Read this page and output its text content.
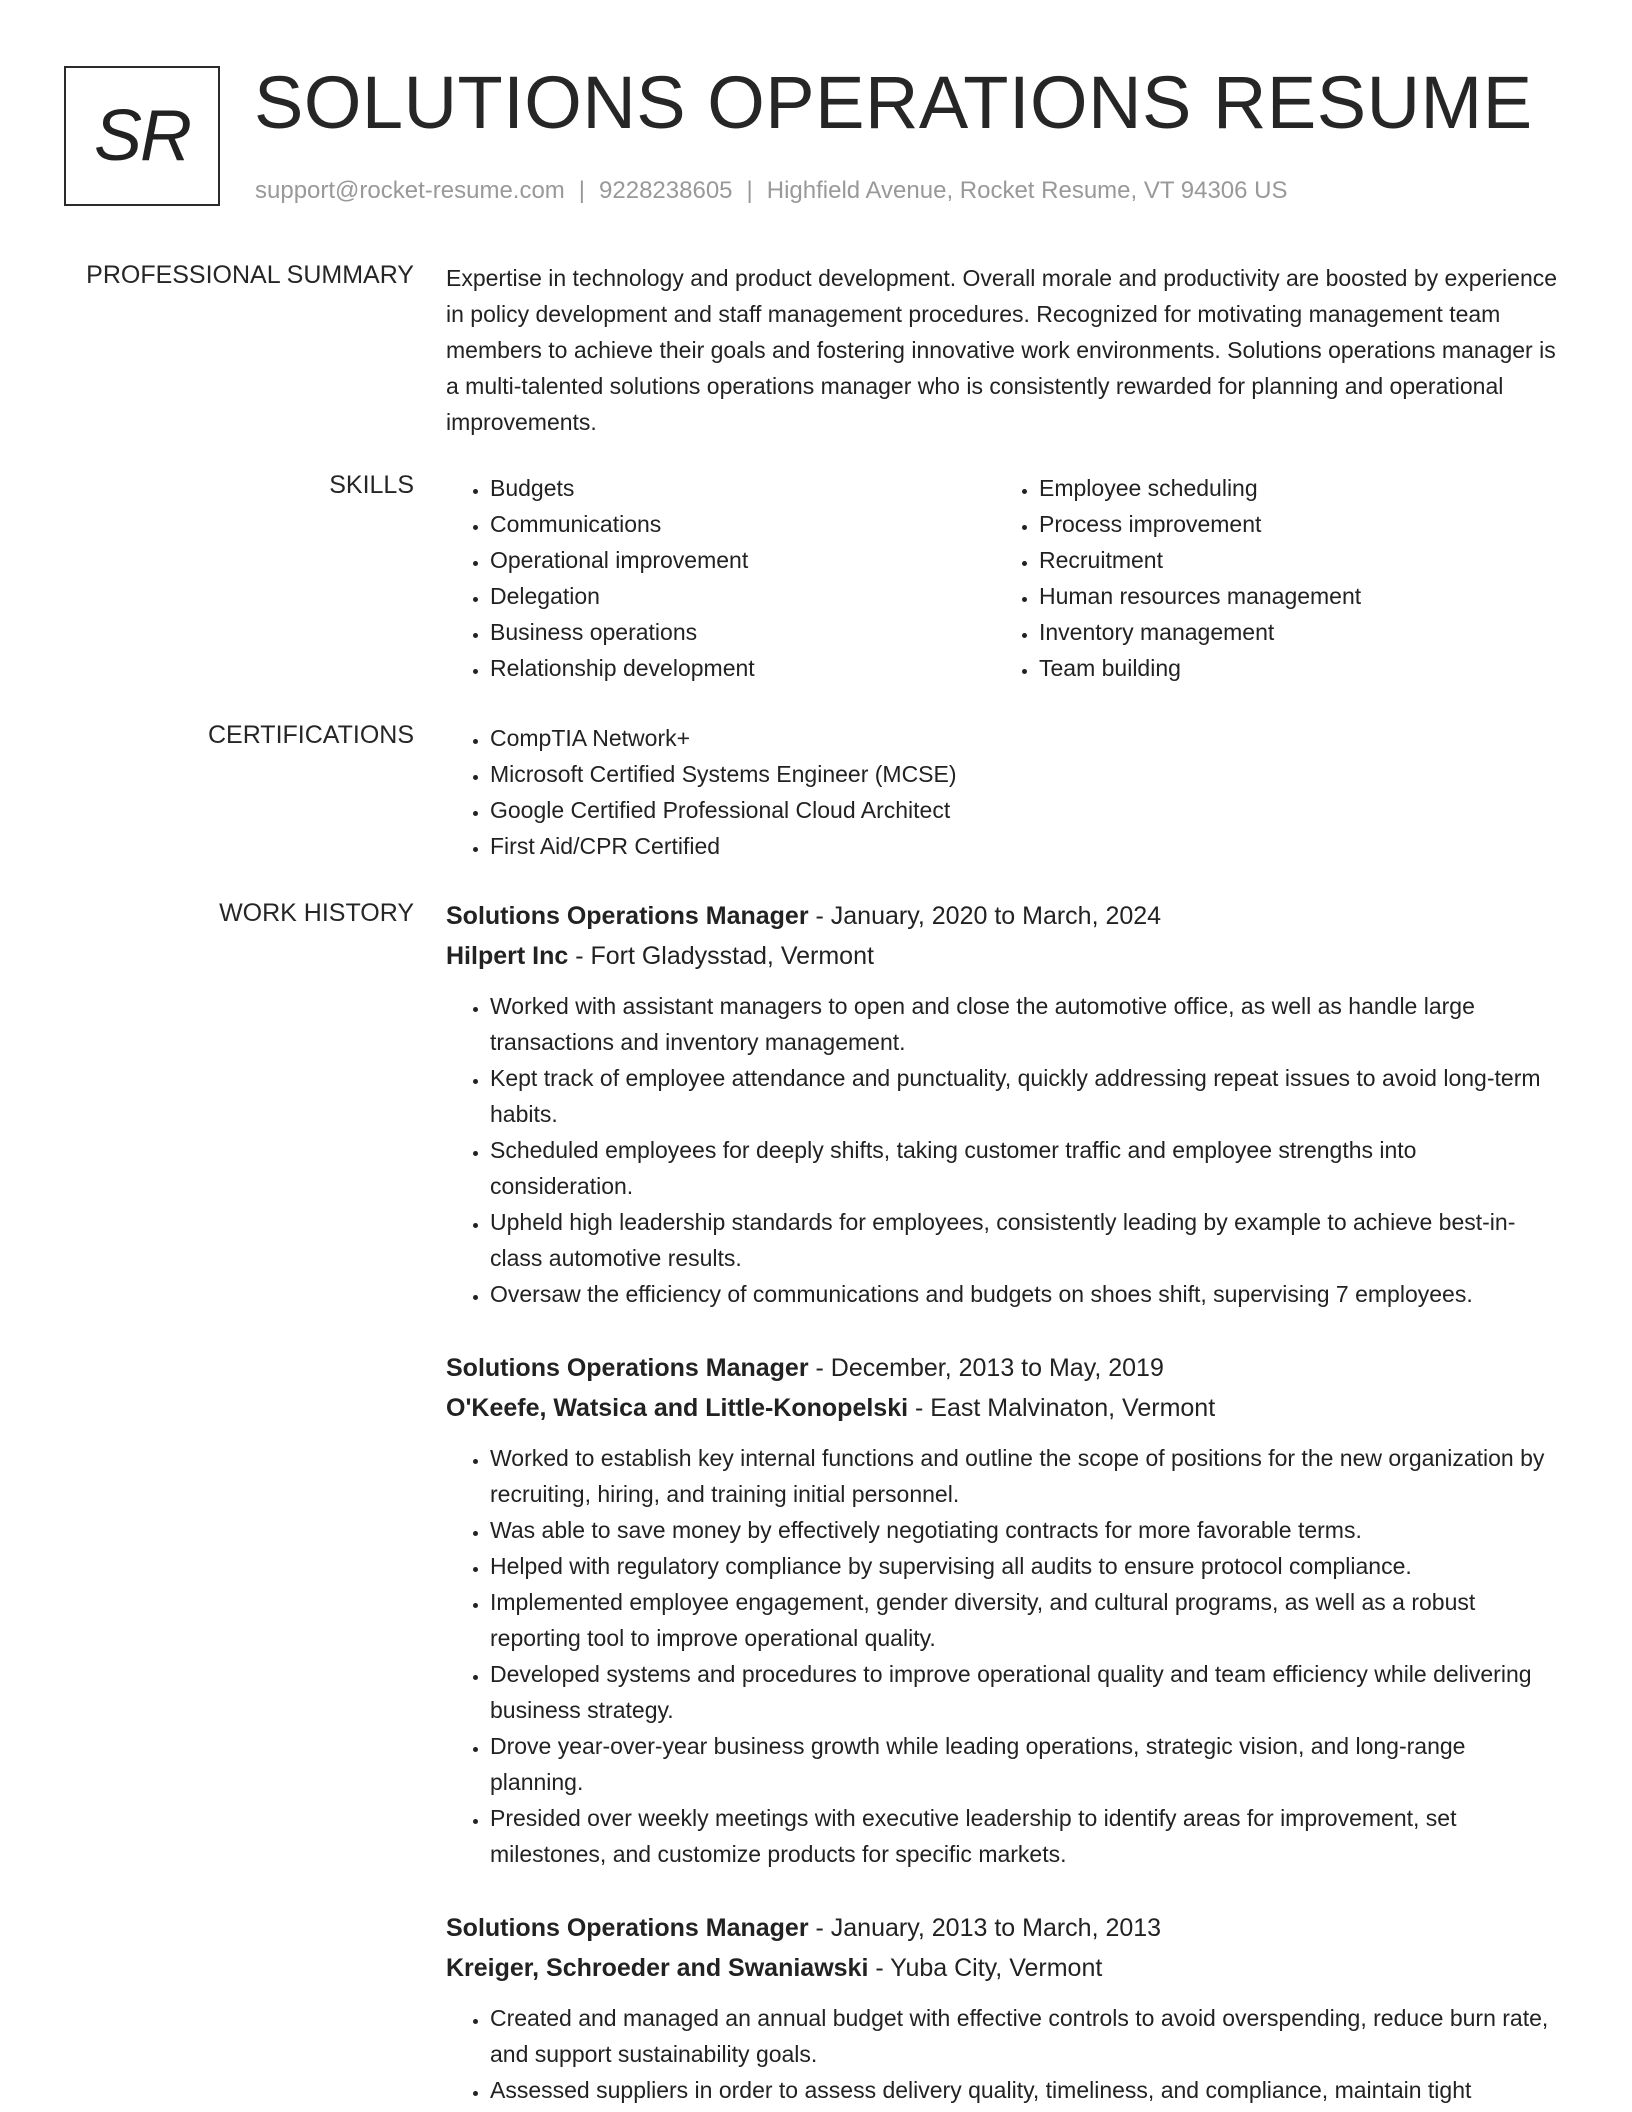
SR SOLUTIONS OPERATIONS RESUME
support@rocket-resume.com | 9228238605 | Highfield Avenue, Rocket Resume, VT 94306 US
PROFESSIONAL SUMMARY Expertise in technology and product development. Overall morale and productivity are boosted by experience in policy development and staff management procedures. Recognized for motivating management team members to achieve their goals and fostering innovative work environments. Solutions operations manager is a multi-talented solutions operations manager who is consistently rewarded for planning and operational improvements.

SKILLS	• Budgets
• Communications
• Operational improvement
• Delegation
• Business operations
• Relationship development
• Employee scheduling
• Process improvement
• Recruitment
• Human resources management
• Inventory management
• Team building
CERTIFICATIONS	• CompTIA Network+
• Microsoft Certified Systems Engineer (MCSE)
• Google Certified Professional Cloud Architect
• First Aid/CPR Certified
WORK HISTORY Solutions Operations Manager - January, 2020 to March, 2024
Hilpert Inc - Fort Gladysstad, Vermont
• Worked with assistant managers to open and close the automotive office, as well as handle large transactions and inventory management.
• Kept track of employee attendance and punctuality, quickly addressing repeat issues to avoid long-term habits.
• Scheduled employees for deeply shifts, taking customer traffic and employee strengths into consideration.
• Upheld high leadership standards for employees, consistently leading by example to achieve best-in-class automotive results.
• Oversaw the efficiency of communications and budgets on shoes shift, supervising 7 employees.
Solutions Operations Manager - December, 2013 to May, 2019
O'Keefe, Watsica and Little-Konopelski - East Malvinaton, Vermont
• Worked to establish key internal functions and outline the scope of positions for the new organization by recruiting, hiring, and training initial personnel.
• Was able to save money by effectively negotiating contracts for more favorable terms.
• Helped with regulatory compliance by supervising all audits to ensure protocol compliance.
• Implemented employee engagement, gender diversity, and cultural programs, as well as a robust reporting tool to improve operational quality.
• Developed systems and procedures to improve operational quality and team efficiency while delivering business strategy.
• Drove year-over-year business growth while leading operations, strategic vision, and long-range planning.
• Presided over weekly meetings with executive leadership to identify areas for improvement, set milestones, and customize products for specific markets.
Solutions Operations Manager - January, 2013 to March, 2013
Kreiger, Schroeder and Swaniawski - Yuba City, Vermont
• Created and managed an annual budget with effective controls to avoid overspending, reduce burn rate, and support sustainability goals.
• Assessed suppliers in order to assess delivery quality, timeliness, and compliance, maintain tight
